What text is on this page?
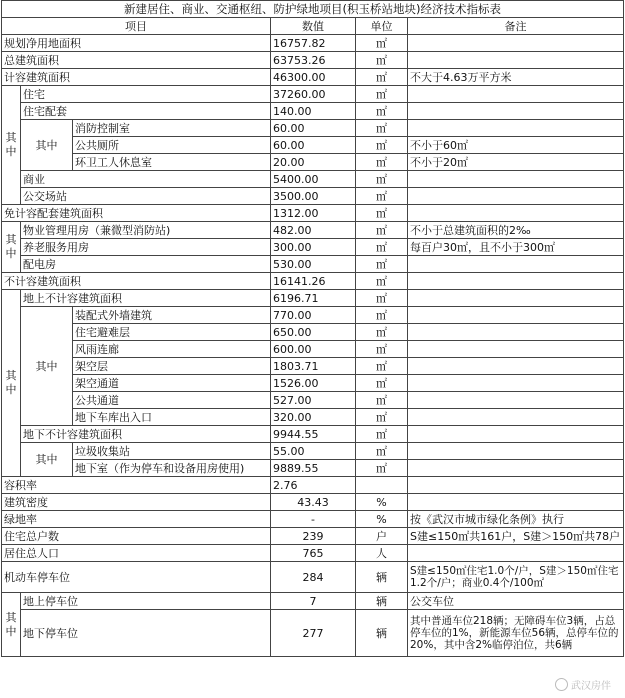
新建居住、商业、交通枢纽、防护绿地项目(积玉桥站地块)经济技术指标表					
项目			数值	单位	备注
规划净用地面积			16757.82	㎡	
总建筑面积			63753.26	㎡	
计容建筑面积			46300.00	㎡	不大于4.63万平方米
其中	住宅		37260.00	㎡	
	住宅配套		140.00	㎡	
	其中	消防控制室	60.00	㎡	
		公共厕所	60.00	㎡	不小于60㎡
		环卫工人休息室	20.00	㎡	不小于20㎡
	商业		5400.00	㎡	
	公交场站		3500.00	㎡	
免计容配套建筑面积			1312.00	㎡	
其中	物业管理用房（兼微型消防站)		482.00	㎡	不小于总建筑面积的2‰
	养老服务用房		300.00	㎡	每百户30㎡，且不小于300㎡
	配电房		530.00	㎡	
不计容建筑面积			16141.26	㎡	
其中	地上不计容建筑面积		6196.71	㎡	
	其中	装配式外墙建筑	770.00	㎡	
		住宅避难层	650.00	㎡	
		风雨连廊	600.00	㎡	
		架空层	1803.71	㎡	
		架空通道	1526.00	㎡	
		公共通道	527.00	㎡	
		地下车库出入口	320.00	㎡	
	地下不计容建筑面积		9944.55	㎡	
	其中	垃圾收集站	55.00	㎡	
		地下室（作为停车和设备用房使用)	9889.55	㎡	
容积率			2.76		
建筑密度			43.43	%	
绿地率			-	%	按《武汉市城市绿化条例》执行
住宅总户数			239	户	S建≤150㎡共161户，S建＞150㎡共78户
居住总人口			765	人	
机动车停车位			284	辆	S建≤150㎡住宅1.0个/户，S建＞150㎡住宅1.2个/户；商业0.4个/100㎡
其中	地上停车位		7	辆	公交车位
	地下停车位		277	辆	其中普通车位218辆；无障碍车位3辆，占总停车位的1%，新能源车位56辆，总停车位的20%，其中含2%临停泊位，共6辆
武汉房伴
